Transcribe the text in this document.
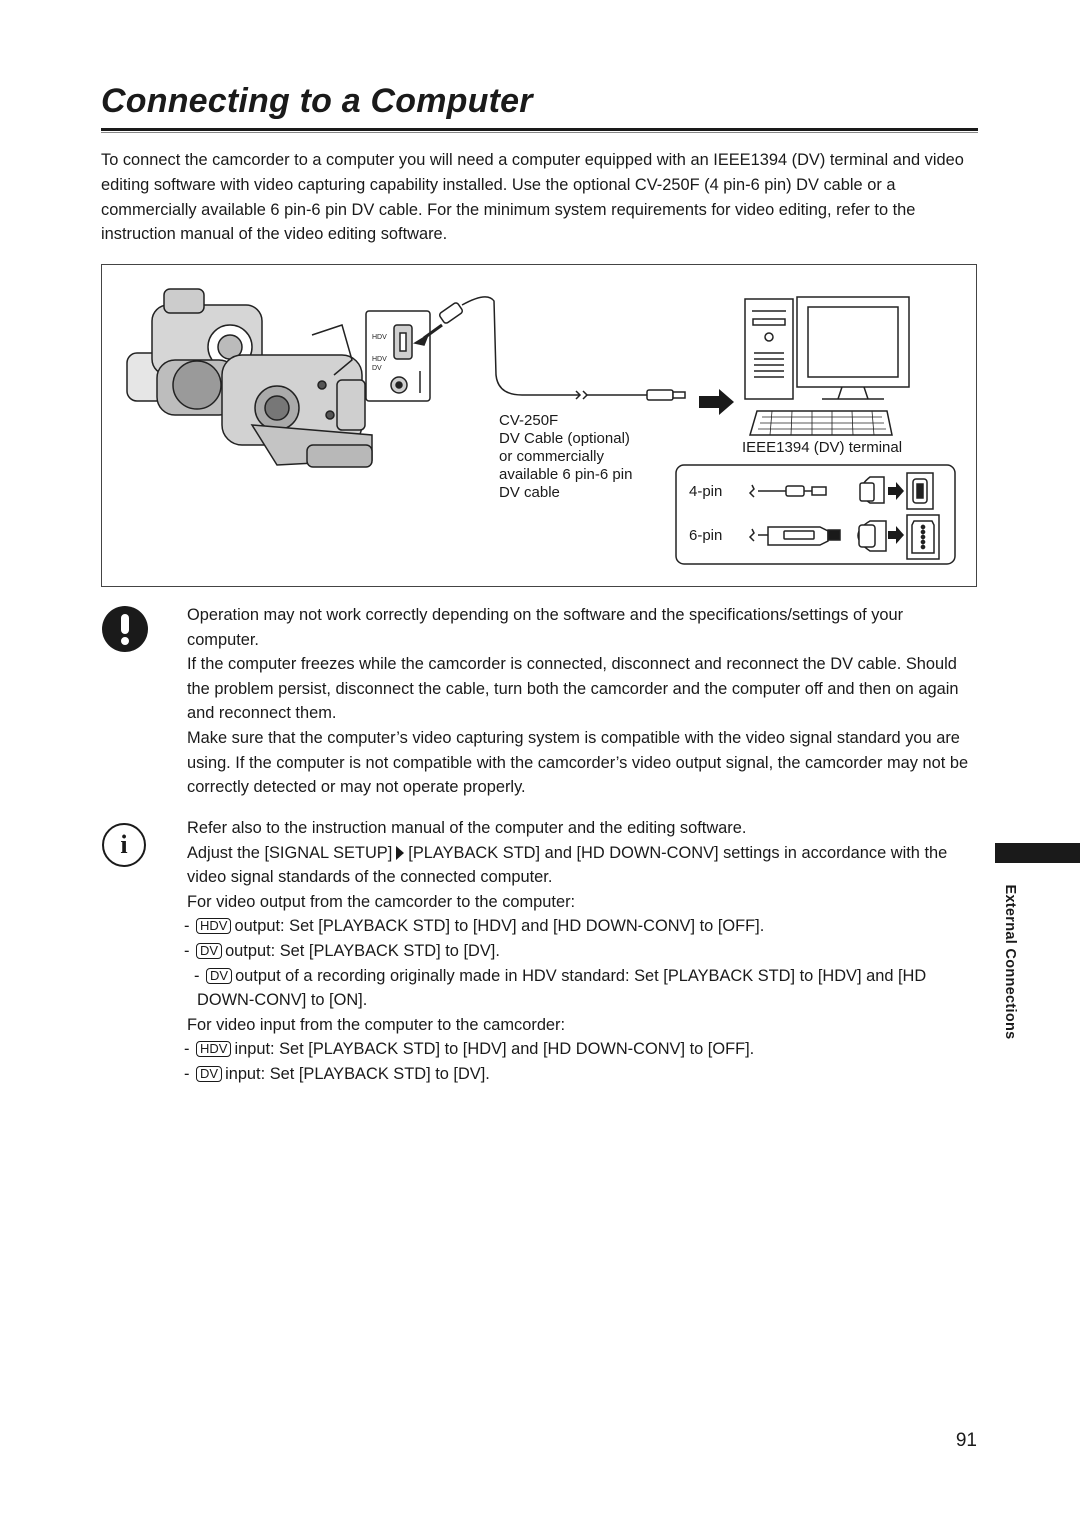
Connecting to a Computer

To connect the camcorder to a computer you will need a computer equipped with an IEEE1394 (DV) terminal and video editing software with video capturing capability installed. Use the optional CV-250F (4 pin-6 pin) DV cable or a commercially available 6 pin-6 pin DV cable. For the minimum system requirements for video editing, refer to the instruction manual of the video editing software.

HDV
HDV
DV
CV-250F
DV Cable (optional)
or commercially
available 6 pin-6 pin
DV cable
IEEE1394 (DV) terminal
4-pin
6-pin

Operation may not work correctly depending on the software and the specifications/settings of your computer.

If the computer freezes while the camcorder is connected, disconnect and reconnect the DV cable. Should the problem persist, disconnect the cable, turn both the camcorder and the computer off and then on again and reconnect them.

Make sure that the computer’s video capturing system is compatible with the video signal standard you are using. If the computer is not compatible with the camcorder’s video output signal, the camcorder may not be correctly detected or may not operate properly.

i

Refer also to the instruction manual of the computer and the editing software.

Adjust the [SIGNAL SETUP] [PLAYBACK STD] and [HD DOWN-CONV] settings in accordance with the video signal standards of the connected computer.

For video output from the camcorder to the computer:

- HDV output: Set [PLAYBACK STD] to [HDV] and [HD DOWN-CONV] to [OFF].

- DV output: Set [PLAYBACK STD] to [DV].

- DV output of a recording originally made in HDV standard: Set [PLAYBACK STD] to [HDV] and [HD DOWN-CONV] to [ON].

For video input from the computer to the camcorder:

- HDV input: Set [PLAYBACK STD] to [HDV] and [HD DOWN-CONV] to [OFF].

- DV input: Set [PLAYBACK STD] to [DV].

External Connections
91
